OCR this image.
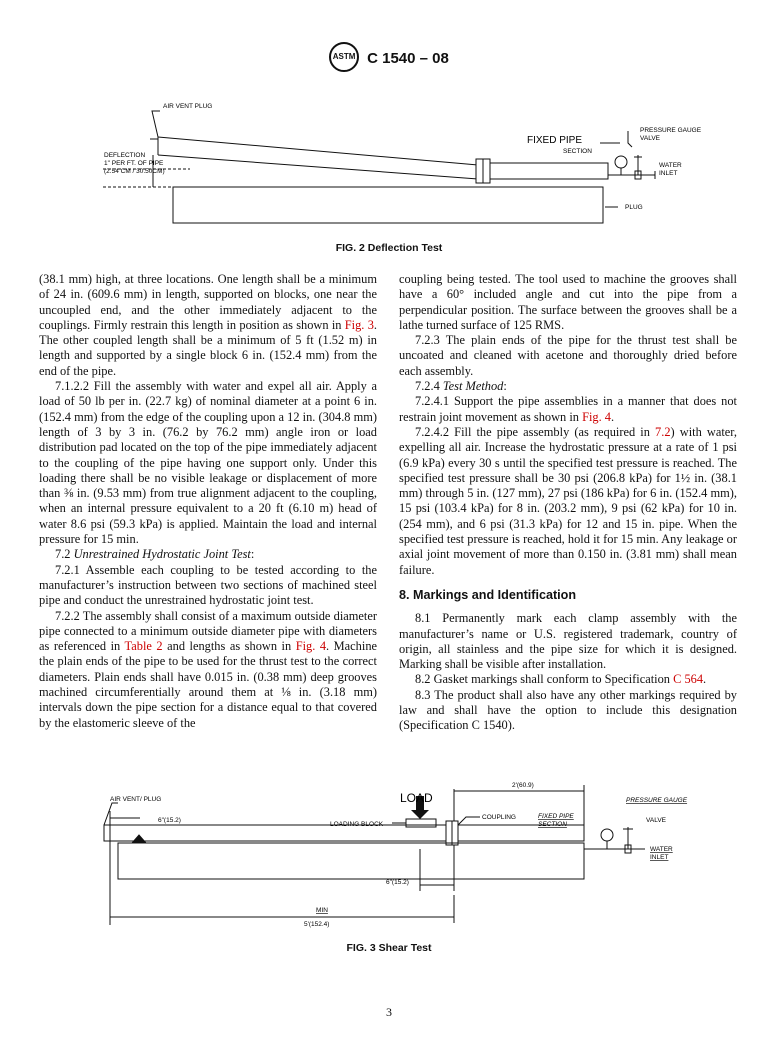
ASTM C 1540 – 08
AIR VENT PLUG
DEFLECTION
1" PER FT. OF PIPE
(2.54 CM / 30.50CM)
FIXED PIPE
SECTION
PRESSURE GAUGE
VALVE
WATER
INLET
PLUG
FIG. 2 Deflection Test

(38.1 mm) high, at three locations. One length shall be a minimum of 24 in. (609.6 mm) in length, supported on blocks, one near the uncoupled end, and the other immediately adjacent to the couplings. Firmly restrain this length in position as shown in Fig. 3. The other coupled length shall be a minimum of 5 ft (1.52 m) in length and supported by a single block 6 in. (152.4 mm) from the end of the pipe.

7.1.2.2 Fill the assembly with water and expel all air. Apply a load of 50 lb per in. (22.7 kg) of nominal diameter at a point 6 in. (152.4 mm) from the edge of the coupling upon a 12 in. (304.8 mm) length of 3 by 3 in. (76.2 by 76.2 mm) angle iron or load distribution pad located on the top of the pipe immediately adjacent to the coupling of the pipe having one support only. Under this loading there shall be no visible leakage or displacement of more than ⅜ in. (9.53 mm) from true alignment adjacent to the coupling, when an internal pressure equivalent to a 20 ft (6.10 m) head of water 8.6 psi (59.3 kPa) is applied. Maintain the load and internal pressure for 15 min.

7.2 Unrestrained Hydrostatic Joint Test:

7.2.1 Assemble each coupling to be tested according to the manufacturer’s instruction between two sections of machined steel pipe and conduct the unrestrained hydrostatic joint test.

7.2.2 The assembly shall consist of a maximum outside diameter pipe connected to a minimum outside diameter pipe with diameters as referenced in Table 2 and lengths as shown in Fig. 4. Machine the plain ends of the pipe to be used for the thrust test to the correct diameters. Plain ends shall have 0.015 in. (0.38 mm) deep grooves machined circumferentially around them at ⅛ in. (3.18 mm) intervals down the pipe section for a distance equal to that covered by the elastomeric sleeve of the

coupling being tested. The tool used to machine the grooves shall have a 60° included angle and cut into the pipe from a perpendicular position. The surface between the grooves shall be a lathe turned surface of 125 RMS.

7.2.3 The plain ends of the pipe for the thrust test shall be uncoated and cleaned with acetone and thoroughly dried before each assembly.

7.2.4 Test Method:

7.2.4.1 Support the pipe assemblies in a manner that does not restrain joint movement as shown in Fig. 4.

7.2.4.2 Fill the pipe assembly (as required in 7.2) with water, expelling all air. Increase the hydrostatic pressure at a rate of 1 psi (6.9 kPa) every 30 s until the specified test pressure is reached. The specified test pressure shall be 30 psi (206.8 kPa) for 1½ in. (38.1 mm) through 5 in. (127 mm), 27 psi (186 kPa) for 6 in. (152.4 mm), 15 psi (103.4 kPa) for 8 in. (203.2 mm), 9 psi (62 kPa) for 10 in. (254 mm), and 6 psi (31.3 kPa) for 12 and 15 in. pipe. When the specified test pressure is reached, hold it for 15 min. Any leakage or axial joint movement of more than 0.150 in. (3.81 mm) shall mean failure.

8. Markings and Identification

8.1 Permanently mark each clamp assembly with the manufacturer’s name or U.S. registered trademark, country of origin, all stainless and the pipe size for which it is designed. Marking shall be visible after installation.

8.2 Gasket markings shall conform to Specification C 564.

8.3 The product shall also have any other markings required by law and shall have the option to include this designation (Specification C 1540).

LOAD
AIR VENT/ PLUG
6"(15.2)
LOADING BLOCK
2'(60.9)
COUPLING	FIXED PIPE
SECTION
PRESSURE GAUGE
VALVE
WATER
INLET
6"(15.2)
MIN
5'(152.4)
FIG. 3 Shear Test
3
